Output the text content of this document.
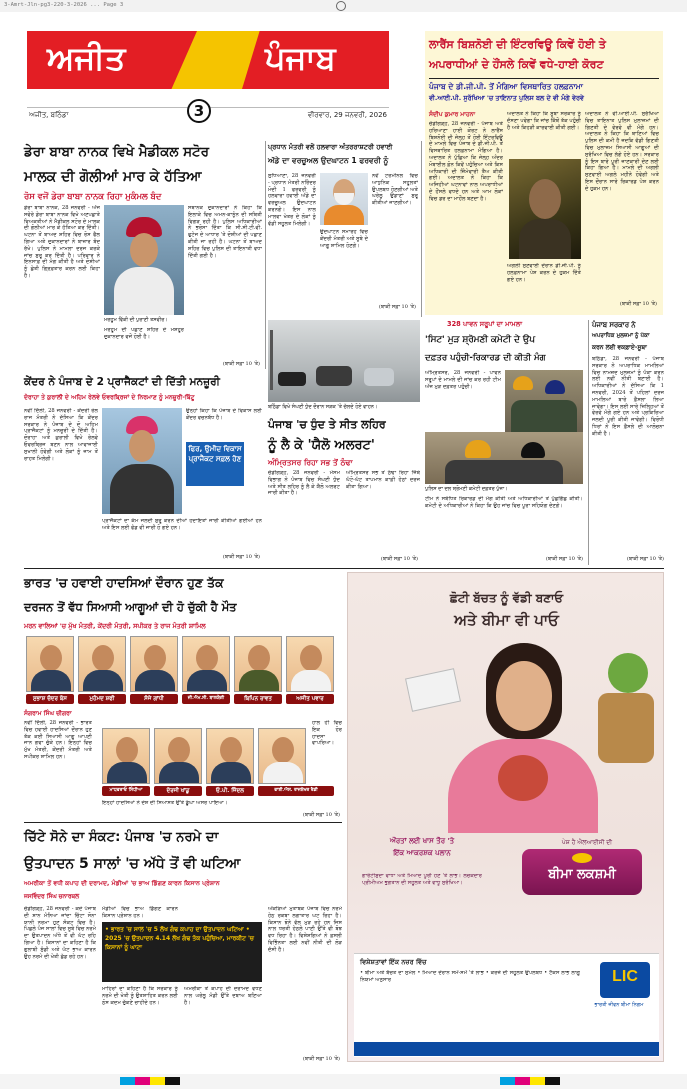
3-Amrt-Jln-pg3-220-3-2026 ... Page 3
ਅਜੀਤ	ਪੰਜਾਬ
ਅਜੀਤ, ਬਠਿੰਡਾ	3	ਵੀਰਵਾਰ, 29 ਜਨਵਰੀ, 2026
ਲਾਰੈਂਸ ਬਿਸ਼ਨੋਈ ਦੀ ਇੰਟਰਵਿਊ ਕਿਵੇਂ ਹੋਈ ਤੇ
ਅਪਰਾਧੀਆਂ ਦੇ ਹੌਂਸਲੇ ਕਿਵੇਂ ਵਧੇ-ਹਾਈ ਕੋਰਟ
ਪੰਜਾਬ ਦੇ ਡੀ.ਜੀ.ਪੀ. ਤੋਂ ਮੰਗਿਆ ਵਿਸਥਾਰਿਤ ਹਲਫ਼ਨਾਮਾ
ਵੀ.ਆਈ.ਪੀ. ਸੁਰੱਖਿਆ 'ਚ ਤਾਇਨਾਤ ਪੁਲਿਸ ਬਲ ਦੇ ਵੀ ਮੰਗੇ ਵੇਰਵੇ
ਸੰਦੀਪ ਕੁਮਾਰ ਮਾਹਨਾ
ਚੰਡੀਗੜ੍ਹ, 28 ਜਨਵਰੀ - ਪੰਜਾਬ ਅਤੇ ਹਰਿਆਣਾ ਹਾਈ ਕੋਰਟ ਨੇ ਲਾਰੈਂਸ ਬਿਸ਼ਨੋਈ ਦੀ ਜੇਲ੍ਹ ਤੋਂ ਹੋਈ ਇੰਟਰਵਿਊ ਦੇ ਮਾਮਲੇ ਵਿਚ ਪੰਜਾਬ ਦੇ ਡੀ.ਜੀ.ਪੀ. ਤੋਂ ਵਿਸਥਾਰਿਤ ਹਲਫ਼ਨਾਮਾ ਮੰਗਿਆ ਹੈ। ਅਦਾਲਤ ਨੇ ਪੁੱਛਿਆ ਕਿ ਜੇਲ੍ਹ ਅੰਦਰ ਮੋਬਾਈਲ ਫ਼ੋਨ ਕਿਵੇਂ ਪਹੁੰਚਿਆ ਅਤੇ ਕਿਸ ਅਧਿਕਾਰੀ ਦੀ ਜ਼ਿੰਮੇਵਾਰੀ ਤੈਅ ਕੀਤੀ ਗਈ। ਅਦਾਲਤ ਨੇ ਕਿਹਾ ਕਿ ਅਜਿਹੀਆਂ ਘਟਨਾਵਾਂ ਨਾਲ ਅਪਰਾਧੀਆਂ ਦੇ ਹੌਂਸਲੇ ਵਧਦੇ ਹਨ ਅਤੇ ਆਮ ਲੋਕਾਂ ਵਿਚ ਡਰ ਦਾ ਮਾਹੌਲ ਬਣਦਾ ਹੈ।
ਅਦਾਲਤ ਨੇ ਕਿਹਾ ਕਿ ਸੂਬਾ ਸਰਕਾਰ ਨੂੰ ਦੱਸਣਾ ਪਵੇਗਾ ਕਿ ਜਾਂਚ ਕਿੱਥੋਂ ਤੱਕ ਪਹੁੰਚੀ ਹੈ ਅਤੇ ਕਿਹੜੀ ਕਾਰਵਾਈ ਕੀਤੀ ਗਈ।
ਅਗਲੀ ਸੁਣਵਾਈ ਦੌਰਾਨ ਡੀ.ਜੀ.ਪੀ. ਨੂੰ ਹਲਫ਼ਨਾਮਾ ਪੇਸ਼ ਕਰਨ ਦੇ ਹੁਕਮ ਦਿੱਤੇ ਗਏ ਹਨ।
ਅਦਾਲਤ ਨੇ ਵੀ.ਆਈ.ਪੀ. ਸੁਰੱਖਿਆ ਵਿਚ ਤਾਇਨਾਤ ਪੁਲਿਸ ਮੁਲਾਜ਼ਮਾਂ ਦੀ ਗਿਣਤੀ ਦੇ ਵੇਰਵੇ ਵੀ ਮੰਗੇ ਹਨ। ਅਦਾਲਤ ਨੇ ਕਿਹਾ ਕਿ ਥਾਣਿਆਂ ਵਿਚ ਪੁਲਿਸ ਦੀ ਕਮੀ ਹੈ ਜਦਕਿ ਵੱਡੀ ਗਿਣਤੀ ਵਿਚ ਮੁਲਾਜ਼ਮ ਸਿਆਸੀ ਆਗੂਆਂ ਦੀ ਸੁਰੱਖਿਆ ਵਿਚ ਲੱਗੇ ਹੋਏ ਹਨ। ਸਰਕਾਰ ਨੂੰ ਇਸ ਬਾਰੇ ਪੂਰੀ ਜਾਣਕਾਰੀ ਦੇਣ ਲਈ ਕਿਹਾ ਗਿਆ ਹੈ। ਮਾਮਲੇ ਦੀ ਅਗਲੀ ਸੁਣਵਾਈ ਅਗਲੇ ਮਹੀਨੇ ਹੋਵੇਗੀ ਅਤੇ ਇਸ ਦੌਰਾਨ ਸਾਰੇ ਰਿਕਾਰਡ ਪੇਸ਼ ਕਰਨ ਦੇ ਹੁਕਮ ਹਨ।
(ਬਾਕੀ ਸਫ਼ਾ 10 'ਤੇ)
ਡੇਰਾ ਬਾਬਾ ਨਾਨਕ ਵਿਖੇ ਮੈਡੀਕਲ ਸਟੋਰ
ਮਾਲਕ ਦੀ ਗੋਲੀਆਂ ਮਾਰ ਕੇ ਹੱਤਿਆ
ਰੋਸ ਵਜੋਂ ਡੇਰਾ ਬਾਬਾ ਨਾਨਕ ਰਿਹਾ ਮੁਕੰਮਲ ਬੰਦ
ਡੇਰਾ ਬਾਬਾ ਨਾਨਕ, 28 ਜਨਵਰੀ - ਅੱਜ ਸਵੇਰੇ ਡੇਰਾ ਬਾਬਾ ਨਾਨਕ ਵਿਖੇ ਅਣਪਛਾਤੇ ਵਿਅਕਤੀਆਂ ਨੇ ਮੈਡੀਕਲ ਸਟੋਰ ਦੇ ਮਾਲਕ ਦੀ ਗੋਲੀਆਂ ਮਾਰ ਕੇ ਹੱਤਿਆ ਕਰ ਦਿੱਤੀ। ਘਟਨਾ ਤੋਂ ਬਾਅਦ ਸ਼ਹਿਰ ਵਿਚ ਰੋਸ ਫੈਲ ਗਿਆ ਅਤੇ ਦੁਕਾਨਦਾਰਾਂ ਨੇ ਬਾਜ਼ਾਰ ਬੰਦ ਰੱਖੇ। ਪੁਲਿਸ ਨੇ ਮਾਮਲਾ ਦਰਜ ਕਰਕੇ ਜਾਂਚ ਸ਼ੁਰੂ ਕਰ ਦਿੱਤੀ ਹੈ। ਪਰਿਵਾਰ ਨੇ ਇਨਸਾਫ਼ ਦੀ ਮੰਗ ਕੀਤੀ ਹੈ ਅਤੇ ਦੋਸ਼ੀਆਂ ਨੂੰ ਛੇਤੀ ਗ੍ਰਿਫ਼ਤਾਰ ਕਰਨ ਲਈ ਕਿਹਾ ਹੈ।
ਮਰਹੂਮ ਵਿੱਕੀ ਦੀ ਪੁਰਾਣੀ ਤਸਵੀਰ।
ਮਰਹੂਮ ਦੀ ਪਛਾਣ ਸ਼ਹਿਰ ਦੇ ਮਸ਼ਹੂਰ ਦੁਕਾਨਦਾਰ ਵਜੋਂ ਹੋਈ ਹੈ।
ਸਥਾਨਕ ਦੁਕਾਨਦਾਰਾਂ ਨੇ ਕਿਹਾ ਕਿ ਇਲਾਕੇ ਵਿਚ ਅਮਨ-ਕਾਨੂੰਨ ਦੀ ਸਥਿਤੀ ਵਿਗੜ ਰਹੀ ਹੈ। ਪੁਲਿਸ ਅਧਿਕਾਰੀਆਂ ਨੇ ਭਰੋਸਾ ਦਿੱਤਾ ਕਿ ਸੀ.ਸੀ.ਟੀ.ਵੀ. ਫੁਟੇਜ ਦੇ ਆਧਾਰ 'ਤੇ ਦੋਸ਼ੀਆਂ ਦੀ ਪਛਾਣ ਕੀਤੀ ਜਾ ਰਹੀ ਹੈ। ਘਟਨਾ ਤੋਂ ਬਾਅਦ ਸ਼ਹਿਰ ਵਿਚ ਪੁਲਿਸ ਦੀ ਤਾਇਨਾਤੀ ਵਧਾ ਦਿੱਤੀ ਗਈ ਹੈ।
(ਬਾਕੀ ਸਫ਼ਾ 10 'ਤੇ)
ਪ੍ਰਧਾਨ ਮੰਤਰੀ ਵਲੋਂ ਹਲਵਾਰਾ ਅੰਤਰਰਾਸ਼ਟਰੀ ਹਵਾਈ
ਅੱਡੇ ਦਾ ਵਰਚੂਅਲ ਉਦਘਾਟਨ 1 ਫਰਵਰੀ ਨੂੰ
ਲੁਧਿਆਣਾ, 28 ਜਨਵਰੀ - ਪ੍ਰਧਾਨ ਮੰਤਰੀ ਨਰਿੰਦਰ ਮੋਦੀ 1 ਫਰਵਰੀ ਨੂੰ ਹਲਵਾਰਾ ਹਵਾਈ ਅੱਡੇ ਦਾ ਵਰਚੂਅਲ ਉਦਘਾਟਨ ਕਰਨਗੇ। ਇਸ ਨਾਲ ਮਾਲਵਾ ਖੇਤਰ ਦੇ ਲੋਕਾਂ ਨੂੰ ਵੱਡੀ ਸਹੂਲਤ ਮਿਲੇਗੀ।
ਉਦਘਾਟਨ ਸਮਾਰੋਹ ਵਿਚ ਕੇਂਦਰੀ ਮੰਤਰੀ ਅਤੇ ਸੂਬੇ ਦੇ ਆਗੂ ਸ਼ਾਮਿਲ ਹੋਣਗੇ।
ਨਵੇਂ ਟਰਮੀਨਲ ਵਿਚ ਆਧੁਨਿਕ ਸਹੂਲਤਾਂ ਉਪਲਬਧ ਹੋਣਗੀਆਂ ਅਤੇ ਘਰੇਲੂ ਉਡਾਣਾਂ ਸ਼ੁਰੂ ਕੀਤੀਆਂ ਜਾਣਗੀਆਂ।
(ਬਾਕੀ ਸਫ਼ਾ 10 'ਤੇ)
ਕੇਂਦਰ ਨੇ ਪੰਜਾਬ ਦੇ 2 ਪ੍ਰਾਜੈਕਟਾਂ ਦੀ ਦਿੱਤੀ ਮਨਜ਼ੂਰੀ
ਦੋਰਾਹਾ ਤੇ ਕੁਰਾਲੀ ਦੇ ਅਹਿਮ ਰੇਲਵੇ ਓਵਰਬ੍ਰਿਜਾਂ ਦੇ ਨਿਰਮਾਣ ਨੂੰ ਮਨਜ਼ੂਰੀ-ਬਿੱਟੂ
ਨਵੀਂ ਦਿੱਲੀ, 28 ਜਨਵਰੀ - ਕੇਂਦਰੀ ਰੇਲ ਰਾਜ ਮੰਤਰੀ ਨੇ ਦੱਸਿਆ ਕਿ ਕੇਂਦਰ ਸਰਕਾਰ ਨੇ ਪੰਜਾਬ ਦੇ ਦੋ ਅਹਿਮ ਪ੍ਰਾਜੈਕਟਾਂ ਨੂੰ ਮਨਜ਼ੂਰੀ ਦੇ ਦਿੱਤੀ ਹੈ। ਦੋਰਾਹਾ ਅਤੇ ਕੁਰਾਲੀ ਵਿਖੇ ਰੇਲਵੇ ਓਵਰਬ੍ਰਿਜ ਬਣਨ ਨਾਲ ਆਵਾਜਾਈ ਸੁਖਾਲੀ ਹੋਵੇਗੀ ਅਤੇ ਲੋਕਾਂ ਨੂੰ ਜਾਮ ਤੋਂ ਰਾਹਤ ਮਿਲੇਗੀ।
ਫਿਰ, ਉਮੀਦ ਵਿਕਾਸ ਪ੍ਰਾਜੈਕਟ ਸਫ਼ਲ ਹੋਣ
ਉਨ੍ਹਾਂ ਕਿਹਾ ਕਿ ਪੰਜਾਬ ਦੇ ਵਿਕਾਸ ਲਈ ਕੇਂਦਰ ਵਚਨਬੱਧ ਹੈ।
ਪ੍ਰਾਜੈਕਟਾਂ ਦਾ ਕੰਮ ਜਲਦੀ ਸ਼ੁਰੂ ਕਰਨ ਦੀਆਂ ਹਦਾਇਤਾਂ ਜਾਰੀ ਕੀਤੀਆਂ ਗਈਆਂ ਹਨ ਅਤੇ ਇਸ ਲਈ ਫੰਡ ਵੀ ਜਾਰੀ ਹੋ ਗਏ ਹਨ।
(ਬਾਕੀ ਸਫ਼ਾ 10 'ਤੇ)
ਬਠਿੰਡਾ ਵਿਖੇ ਸੰਘਣੀ ਧੁੰਦ ਦੌਰਾਨ ਸੜਕ 'ਤੇ ਚੱਲਦੇ ਹੋਏ ਵਾਹਨ।
ਪੰਜਾਬ 'ਚ ਧੁੰਦ ਤੇ ਸੀਤ ਲਹਿਰ
ਨੂੰ ਲੈ ਕੇ 'ਯੈਲੋ ਅਲਰਟ'
ਅੰਮ੍ਰਿਤਸਰ ਰਿਹਾ ਸਭ ਤੋਂ ਠੰਢਾ
ਚੰਡੀਗੜ੍ਹ, 28 ਜਨਵਰੀ - ਮੌਸਮ ਵਿਭਾਗ ਨੇ ਪੰਜਾਬ ਵਿਚ ਸੰਘਣੀ ਧੁੰਦ ਅਤੇ ਸੀਤ ਲਹਿਰ ਨੂੰ ਲੈ ਕੇ ਯੈਲੋ ਅਲਰਟ ਜਾਰੀ ਕੀਤਾ ਹੈ।
ਅੰਮ੍ਰਿਤਸਰ ਸਭ ਤੋਂ ਠੰਢਾ ਰਿਹਾ ਜਿੱਥੇ ਘੱਟੋ-ਘੱਟ ਤਾਪਮਾਨ ਕਾਫ਼ੀ ਹੇਠਾਂ ਦਰਜ ਕੀਤਾ ਗਿਆ।
(ਬਾਕੀ ਸਫ਼ਾ 10 'ਤੇ)
328 ਪਾਵਨ ਸਰੂਪਾਂ ਦਾ ਮਾਮਲਾ
'ਸਿਟ' ਮੁੜ ਸ਼੍ਰੋਮਣੀ ਕਮੇਟੀ ਦੇ ਉਪ
ਦਫ਼ਤਰ ਪਹੁੰਚੀ-ਰਿਕਾਰਡ ਦੀ ਕੀਤੀ ਮੰਗ
ਅੰਮ੍ਰਿਤਸਰ, 28 ਜਨਵਰੀ - ਪਾਵਨ ਸਰੂਪਾਂ ਦੇ ਮਾਮਲੇ ਦੀ ਜਾਂਚ ਕਰ ਰਹੀ ਟੀਮ ਅੱਜ ਮੁੜ ਦਫ਼ਤਰ ਪਹੁੰਚੀ।
ਪੁਲਿਸ ਦਾ ਦਲ ਸ਼੍ਰੋਮਣੀ ਕਮੇਟੀ ਦਫ਼ਤਰ ਪੁੱਜਾ।
ਟੀਮ ਨੇ ਸਬੰਧਿਤ ਰਿਕਾਰਡ ਦੀ ਮੰਗ ਕੀਤੀ ਅਤੇ ਅਧਿਕਾਰੀਆਂ ਤੋਂ ਪੁੱਛਗਿੱਛ ਕੀਤੀ। ਕਮੇਟੀ ਦੇ ਅਧਿਕਾਰੀਆਂ ਨੇ ਕਿਹਾ ਕਿ ਉਹ ਜਾਂਚ ਵਿਚ ਪੂਰਾ ਸਹਿਯੋਗ ਦੇਣਗੇ।
(ਬਾਕੀ ਸਫ਼ਾ 10 'ਤੇ)
ਪੰਜਾਬ ਸਰਕਾਰ ਨੇ
ਅਪਰਾਧਿਕ ਮੁਲਜ਼ਮਾਂ ਨੂੰ ਪੱਕਾ
ਕਰਨ ਲਈ ਵਕਫ਼ਾਏ-ਸੂਬਾ
ਬਠਿੰਡਾ, 28 ਜਨਵਰੀ - ਪੰਜਾਬ ਸਰਕਾਰ ਨੇ ਅਪਰਾਧਿਕ ਮਾਮਲਿਆਂ ਵਿਚ ਨਾਮਜ਼ਦ ਮੁਲਜ਼ਮਾਂ ਨੂੰ ਪੱਕਾ ਕਰਨ ਲਈ ਨਵੀਂ ਨੀਤੀ ਬਣਾਈ ਹੈ। ਅਧਿਕਾਰੀਆਂ ਨੇ ਦੱਸਿਆ ਕਿ 1 ਜਨਵਰੀ, 2024 ਤੋਂ ਪਹਿਲਾਂ ਦਰਜ ਮਾਮਲਿਆਂ ਬਾਰੇ ਫ਼ੈਸਲਾ ਲਿਆ ਜਾਵੇਗਾ। ਇਸ ਲਈ ਸਾਰੇ ਜ਼ਿਲ੍ਹਿਆਂ ਤੋਂ ਵੇਰਵੇ ਮੰਗੇ ਗਏ ਹਨ ਅਤੇ ਪ੍ਰਕਿਰਿਆ ਜਲਦੀ ਪੂਰੀ ਕੀਤੀ ਜਾਵੇਗੀ। ਵਿਰੋਧੀ ਧਿਰਾਂ ਨੇ ਇਸ ਫ਼ੈਸਲੇ ਦੀ ਆਲੋਚਨਾ ਕੀਤੀ ਹੈ।
(ਬਾਕੀ ਸਫ਼ਾ 10 'ਤੇ)
ਭਾਰਤ 'ਚ ਹਵਾਈ ਹਾਦਸਿਆਂ ਦੌਰਾਨ ਹੁਣ ਤੱਕ
ਦਰਜਨ ਤੋਂ ਵੱਧ ਸਿਆਸੀ ਆਗੂਆਂ ਦੀ ਹੋ ਚੁੱਕੀ ਹੈ ਮੌਤ
ਮਰਨ ਵਾਲਿਆਂ 'ਚ ਮੁੱਖ ਮੰਤਰੀ, ਕੇਂਦਰੀ ਮੰਤਰੀ, ਸਪੀਕਰ ਤੇ ਰਾਜ ਮੰਤਰੀ ਸ਼ਾਮਿਲ
ਸੁਭਾਸ਼ ਚੰਦਰ ਬੋਸ	ਮੁਹੰਮਦ ਸ਼ਫੀ	ਸੰਜੇ ਗਾਂਧੀ	ਜੀ.ਐਮ.ਸੀ. ਬਾਲਯੋਗੀ	ਬਿਪਿਨ ਰਾਵਤ	ਅਜੀਤ ਪਵਾਰ
ਸੰਗਰਾਮ ਸਿੰਘ ਚੀਗਰਾ
ਨਵੀਂ ਦਿੱਲੀ, 28 ਜਨਵਰੀ - ਭਾਰਤ ਵਿਚ ਹਵਾਈ ਹਾਦਸਿਆਂ ਦੌਰਾਨ ਹੁਣ ਤੱਕ ਕਈ ਸਿਆਸੀ ਆਗੂ ਆਪਣੀ ਜਾਨ ਗਵਾ ਚੁੱਕੇ ਹਨ। ਇਨ੍ਹਾਂ ਵਿਚ ਮੁੱਖ ਮੰਤਰੀ, ਕੇਂਦਰੀ ਮੰਤਰੀ ਅਤੇ ਸਪੀਕਰ ਸ਼ਾਮਿਲ ਹਨ।
ਮਾਧਵਰਾਓ ਸਿੰਧੀਆ	ਦੋਰਜੀ ਖਾਂਡੂ	ਓ.ਪੀ. ਜਿੰਦਲ	ਵਾਈ.ਐਸ. ਰਾਜਸ਼ੇਖਰ ਰੈਡੀ
ਹਾਲ ਹੀ ਵਿਚ ਇਕ ਹੋਰ ਹਾਦਸਾ ਵਾਪਰਿਆ।
ਇਨ੍ਹਾਂ ਹਾਦਸਿਆਂ ਨੇ ਦੇਸ਼ ਦੀ ਸਿਆਸਤ ਉੱਤੇ ਡੂੰਘਾ ਅਸਰ ਪਾਇਆ।
(ਬਾਕੀ ਸਫ਼ਾ 10 'ਤੇ)
ਚਿੱਟੇ ਸੋਨੇ ਦਾ ਸੰਕਟ: ਪੰਜਾਬ 'ਚ ਨਰਮੇ ਦਾ
ਉਤਪਾਦਨ 5 ਸਾਲਾਂ 'ਚ ਅੱਧੇ ਤੋਂ ਵੀ ਘਟਿਆ
ਅਮਰੀਕਾ ਤੋਂ ਵਧੀ ਕਪਾਹ ਦੀ ਦਰਾਮਦ, ਮੰਡੀਆਂ 'ਚ ਭਾਅ ਡਿੱਗਣ ਕਾਰਨ ਕਿਸਾਨ ਪ੍ਰੇਸ਼ਾਨ
ਜਸਵਿੰਦਰ ਸਿੰਘ ਚਨਾਰਥਲ
ਚੰਡੀਗੜ੍ਹ, 28 ਜਨਵਰੀ - ਕਦੇ ਪੰਜਾਬ ਦੀ ਸ਼ਾਨ ਮੰਨਿਆ ਜਾਂਦਾ ਚਿੱਟਾ ਸੋਨਾ ਯਾਨੀ ਨਰਮਾ ਹੁਣ ਸੰਕਟ ਵਿਚ ਹੈ। ਪਿਛਲੇ ਪੰਜ ਸਾਲਾਂ ਵਿਚ ਸੂਬੇ ਵਿਚ ਨਰਮੇ ਦਾ ਉਤਪਾਦਨ ਅੱਧੇ ਤੋਂ ਵੀ ਘੱਟ ਰਹਿ ਗਿਆ ਹੈ। ਕਿਸਾਨਾਂ ਦਾ ਕਹਿਣਾ ਹੈ ਕਿ ਗੁਲਾਬੀ ਸੁੰਡੀ ਅਤੇ ਘੱਟ ਭਾਅ ਕਾਰਨ ਉਹ ਨਰਮੇ ਦੀ ਖੇਤੀ ਛੱਡ ਰਹੇ ਹਨ।
ਮੰਡੀਆਂ ਵਿਚ ਭਾਅ ਡਿੱਗਣ ਕਾਰਨ ਕਿਸਾਨ ਪ੍ਰੇਸ਼ਾਨ ਹਨ।
• ਭਾਰਤ 'ਚ ਸਾਲ 'ਚ 5 ਲੱਖ ਗੰਢ ਕਪਾਹ ਦਾ ਉਤਪਾਦਨ ਘਟਿਆ • 2025 'ਚ ਉਤਪਾਦਨ 4.14 ਲੱਖ ਗੰਢ ਤੱਕ ਪਹੁੰਚਿਆ, ਮਾਰਕੀਟ 'ਚ ਕਿਸਾਨਾਂ ਨੂੰ ਘਾਟਾ
ਮਾਹਿਰਾਂ ਦਾ ਕਹਿਣਾ ਹੈ ਕਿ ਸਰਕਾਰ ਨੂੰ ਨਰਮੇ ਦੀ ਖੇਤੀ ਨੂੰ ਉਤਸ਼ਾਹਿਤ ਕਰਨ ਲਈ ਠੋਸ ਕਦਮ ਚੁੱਕਣੇ ਚਾਹੀਦੇ ਹਨ।
ਅਮਰੀਕਾ ਤੋਂ ਕਪਾਹ ਦੀ ਦਰਾਮਦ ਵਧਣ ਨਾਲ ਘਰੇਲੂ ਮੰਡੀ ਉੱਤੇ ਦਬਾਅ ਬਣਿਆ ਹੈ।
ਅੰਕੜਿਆਂ ਮੁਤਾਬਕ ਪੰਜਾਬ ਵਿਚ ਨਰਮੇ ਹੇਠ ਰਕਬਾ ਲਗਾਤਾਰ ਘਟ ਰਿਹਾ ਹੈ। ਕਿਸਾਨ ਝੋਨੇ ਵੱਲ ਮੁੜ ਰਹੇ ਹਨ ਜਿਸ ਨਾਲ ਧਰਤੀ ਹੇਠਲੇ ਪਾਣੀ ਉੱਤੇ ਵੀ ਬੋਝ ਵਧ ਰਿਹਾ ਹੈ। ਵਿਸ਼ੇਸ਼ਗਿਆਂ ਨੇ ਫ਼ਸਲੀ ਵਿਭਿੰਨਤਾ ਲਈ ਨਵੀਂ ਨੀਤੀ ਦੀ ਲੋੜ ਦੱਸੀ ਹੈ।
(ਬਾਕੀ ਸਫ਼ਾ 10 'ਤੇ)
ਛੋਟੀ ਬੱਚਤ ਨੂੰ ਵੱਡੀ ਬਣਾਓ
ਅਤੇ ਬੀਮਾ ਵੀ ਪਾਓ
ਔਰਤਾਂ ਲਈ ਖਾਸ ਤੌਰ 'ਤੇ
ਇੱਕ ਆਕਰਸ਼ਕ ਪਲਾਨ
ਗਾਰੰਟੀਸ਼ੁਦਾ ਵਾਧਾ ਅਤੇ ਮਿਆਦ ਪੂਰੀ ਹੋਣ 'ਤੇ ਲਾਭ। ਲਚਕਦਾਰ ਪ੍ਰੀਮੀਅਮ ਭੁਗਤਾਨ ਦੀ ਸਹੂਲਤ ਅਤੇ ਵਾਧੂ ਸੁਰੱਖਿਆ।
ਪੇਸ਼ ਹੈ ਐਲਆਈਸੀ ਦੀ
ਬੀਮਾ ਲਕਸ਼ਮੀ
ਵਿਸ਼ੇਸ਼ਤਾਵਾਂ ਇੱਕ ਨਜ਼ਰ ਵਿੱਚ
• ਬੀਮਾ ਅਤੇ ਬੱਚਤ ਦਾ ਸੁਮੇਲ • ਮਿਆਦ ਦੌਰਾਨ ਸਮੇਂ-ਸਮੇਂ 'ਤੇ ਲਾਭ • ਕਰਜ਼ੇ ਦੀ ਸਹੂਲਤ ਉਪਲਬਧ • ਟੈਕਸ ਲਾਭ ਲਾਗੂ ਨਿਯਮਾਂ ਅਨੁਸਾਰ	LIC
ਭਾਰਤੀ ਜੀਵਨ ਬੀਮਾ ਨਿਗਮ
